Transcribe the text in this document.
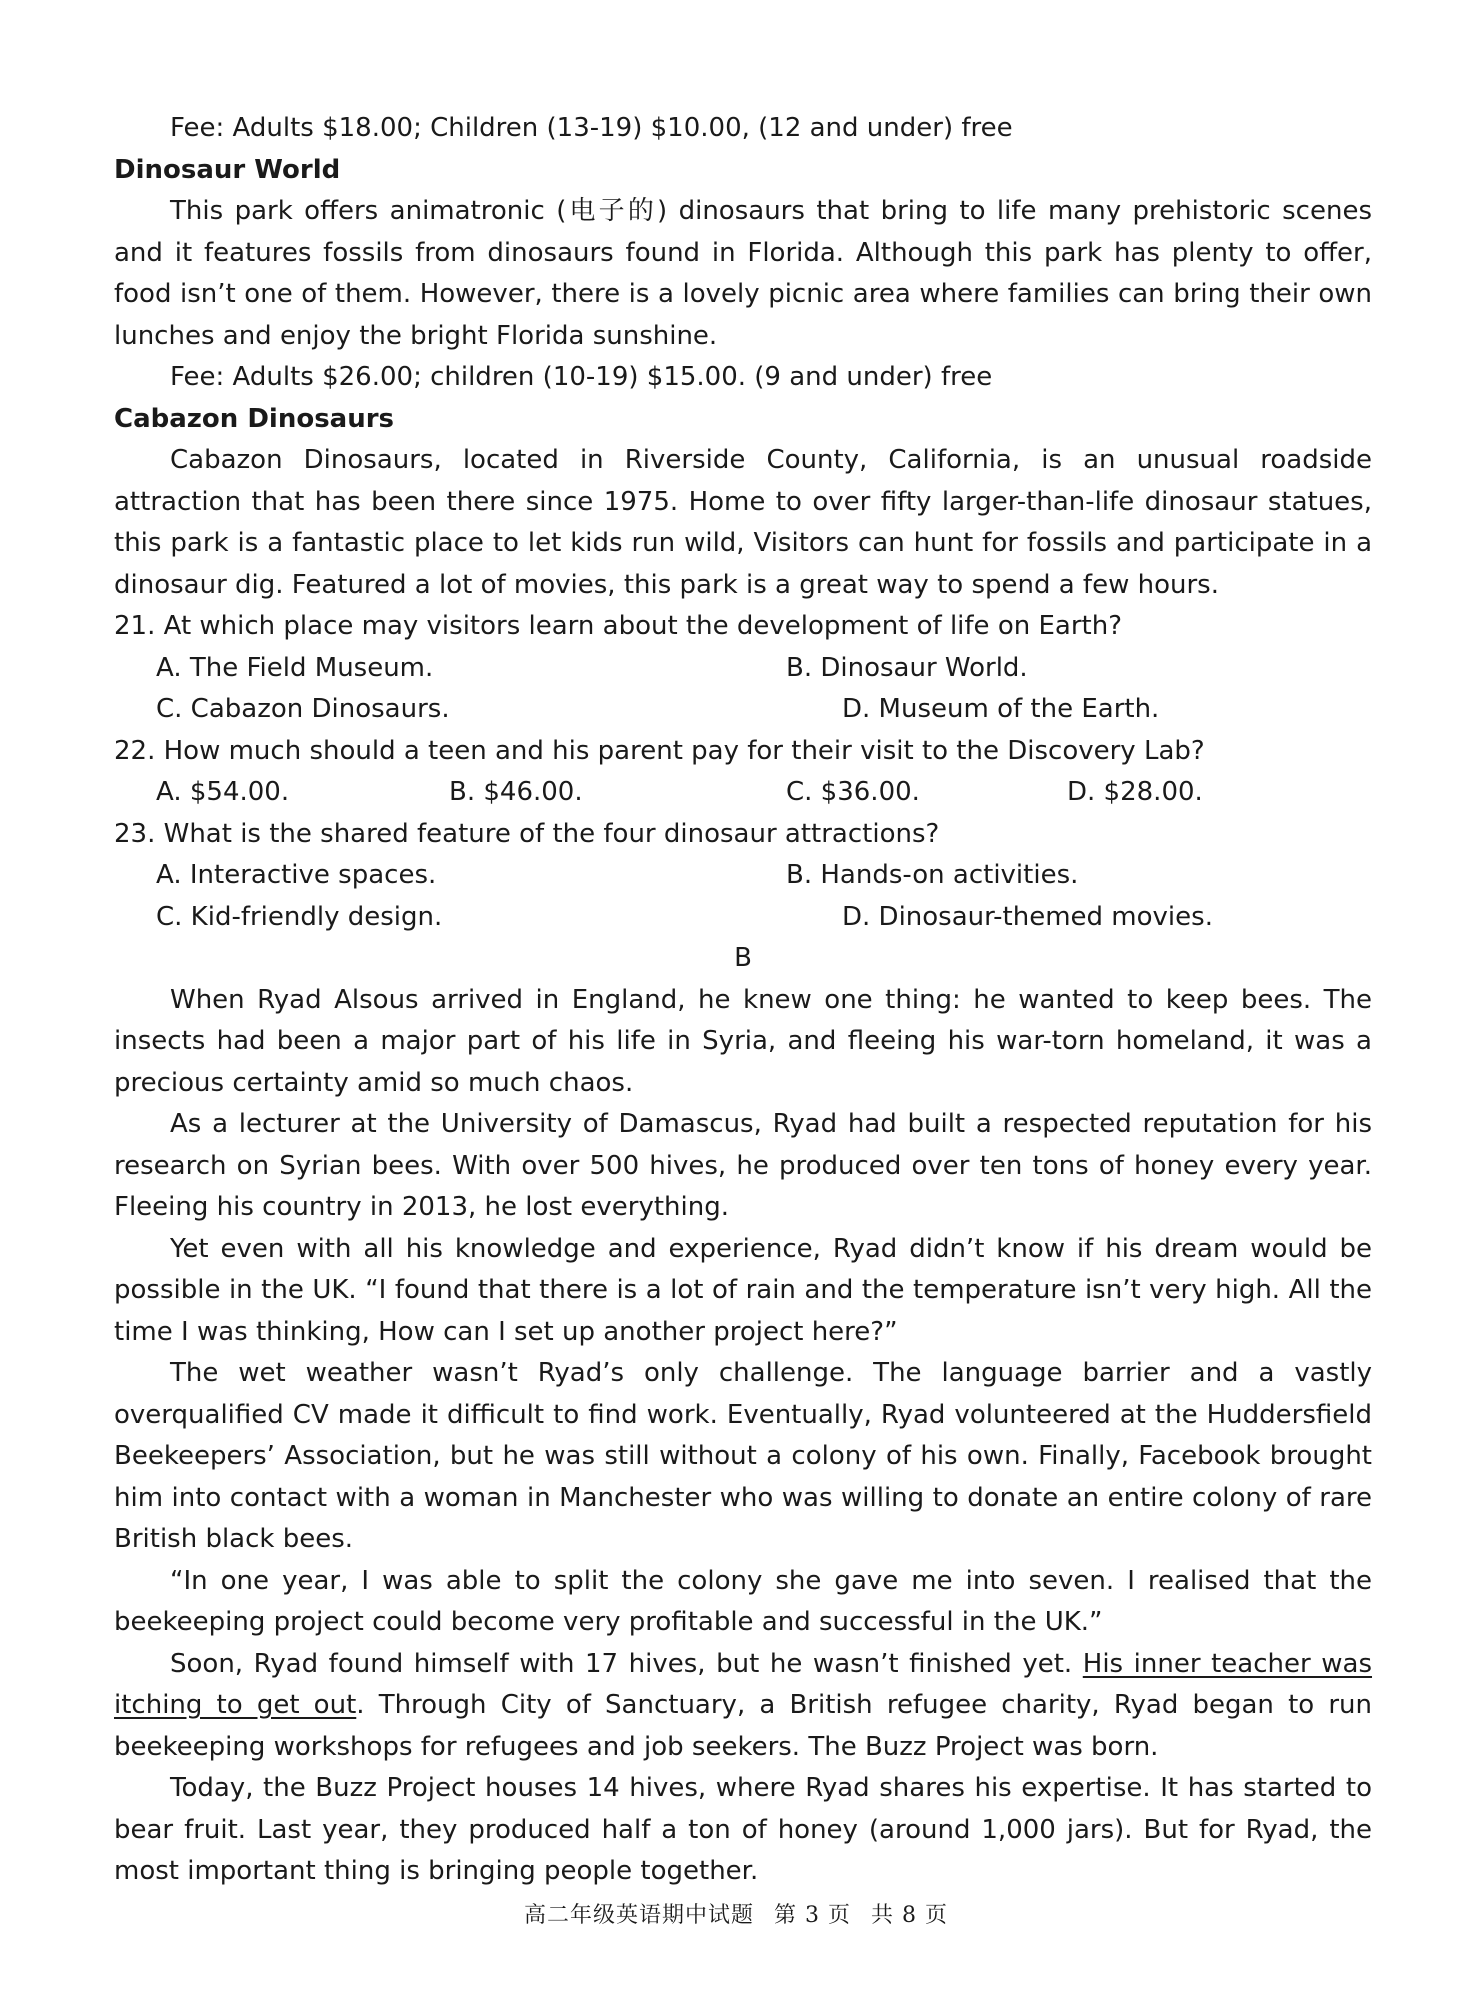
Fee: Adults $18.00; Children (13-19) $10.00, (12 and under) free

Dinosaur World

This park offers animatronic (电子的) dinosaurs that bring to life many prehistoric scenes and it features fossils from dinosaurs found in Florida. Although this park has plenty to offer, food isn’t one of them. However, there is a lovely picnic area where families can bring their own lunches and enjoy the bright Florida sunshine.

Fee: Adults $26.00; children (10-19) $15.00. (9 and under) free

Cabazon Dinosaurs

Cabazon Dinosaurs, located in Riverside County, California, is an unusual roadside attraction that has been there since 1975. Home to over fifty larger-than-life dinosaur statues, this park is a fantastic place to let kids run wild, Visitors can hunt for fossils and participate in a dinosaur dig. Featured a lot of movies, this park is a great way to spend a few hours.

21. At which place may visitors learn about the development of life on Earth?

A. The Field Museum.	B. Dinosaur World.
C. Cabazon Dinosaurs.	D. Museum of the Earth.

22. How much should a teen and his parent pay for their visit to the Discovery Lab?

A. $54.00.	B. $46.00.	C. $36.00.	D. $28.00.

23. What is the shared feature of the four dinosaur attractions?

A. Interactive spaces.	B. Hands-on activities.
C. Kid-friendly design.	D. Dinosaur-themed movies.

B

When Ryad Alsous arrived in England, he knew one thing: he wanted to keep bees. The insects had been a major part of his life in Syria, and fleeing his war-torn homeland, it was a precious certainty amid so much chaos.

As a lecturer at the University of Damascus, Ryad had built a respected reputation for his research on Syrian bees. With over 500 hives, he produced over ten tons of honey every year. Fleeing his country in 2013, he lost everything.

Yet even with all his knowledge and experience, Ryad didn’t know if his dream would be possible in the UK. “I found that there is a lot of rain and the temperature isn’t very high. All the time I was thinking, How can I set up another project here?”

The wet weather wasn’t Ryad’s only challenge. The language barrier and a vastly overqualified CV made it difficult to find work. Eventually, Ryad volunteered at the Huddersfield Beekeepers’ Association, but he was still without a colony of his own. Finally, Facebook brought him into contact with a woman in Manchester who was willing to donate an entire colony of rare British black bees.

“In one year, I was able to split the colony she gave me into seven. I realised that the beekeeping project could become very profitable and successful in the UK.”

Soon, Ryad found himself with 17 hives, but he wasn’t finished yet. His inner teacher was itching to get out. Through City of Sanctuary, a British refugee charity, Ryad began to run beekeeping workshops for refugees and job seekers. The Buzz Project was born.

Today, the Buzz Project houses 14 hives, where Ryad shares his expertise. It has started to bear fruit. Last year, they produced half a ton of honey (around 1,000 jars). But for Ryad, the most important thing is bringing people together.

高二年级英语期中试题 第 3 页 共 8 页
